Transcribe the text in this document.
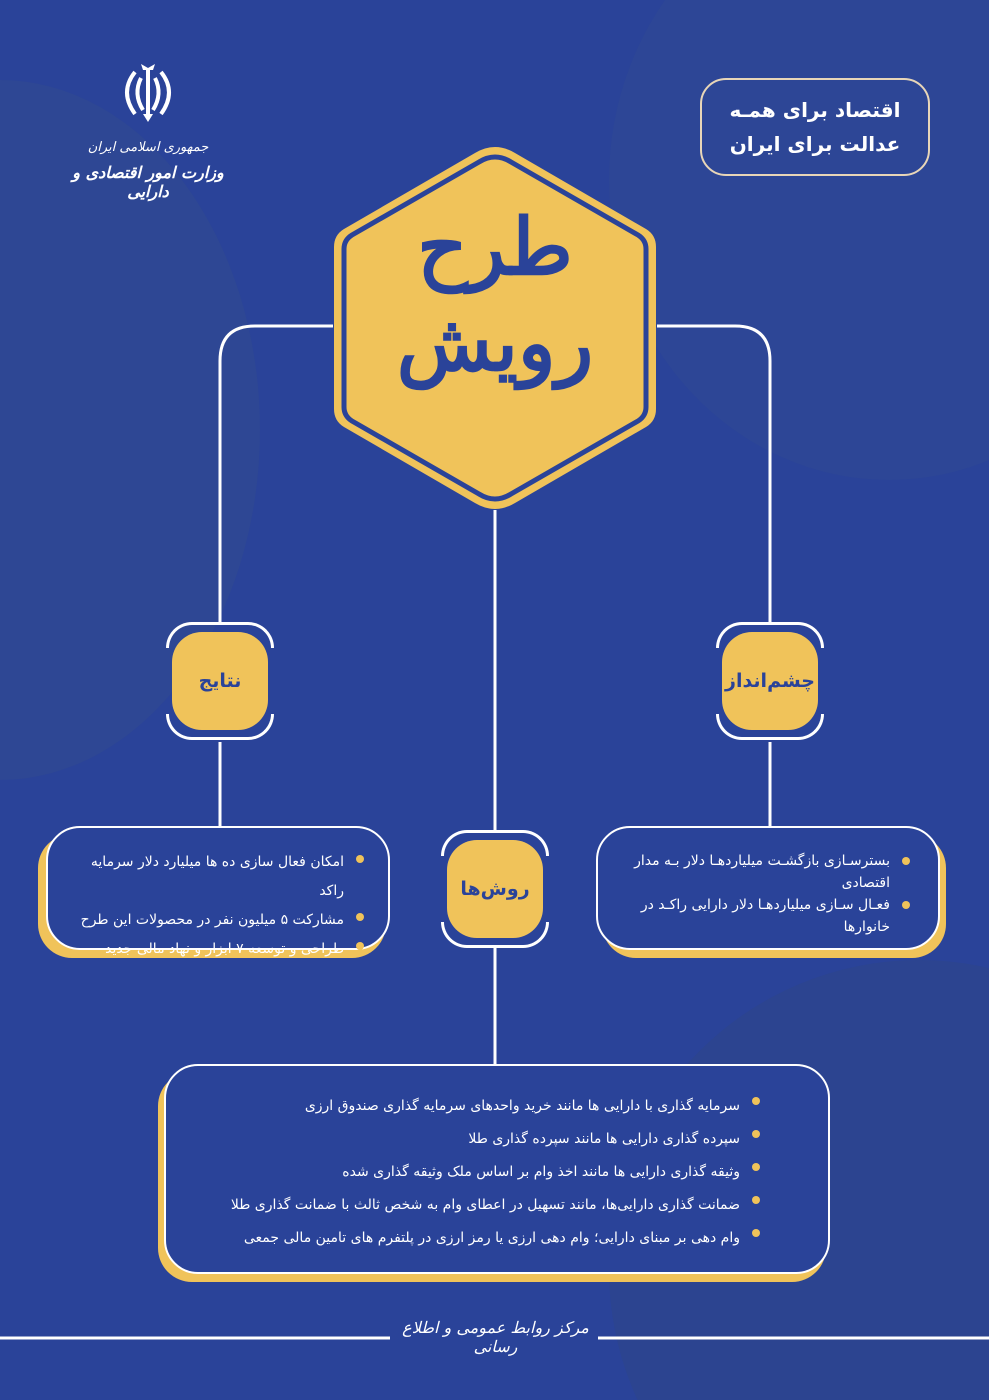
جمهوری اسلامی ایران
وزارت امور اقتصادی و دارایی
اقتصاد برای همـه
عدالت برای ایران
طرح
رویش
نتایج	چشم‌انداز
روش‌ها
امکان فعال سازی ده ها میلیارد دلار سرمایه راکد
مشارکت ۵ میلیون نفر در محصولات این طرح
طراحی و توسعه ۷ ابزار و نهاد مالی جدید
بسترسـازی بازگشـت میلیاردهـا دلار بـه مدار اقتصادی
فعـال سـازی میلیاردهـا دلار دارایی راکـد در خانوارها
سرمایه گذاری با دارایی ها مانند خرید واحدهای سرمایه گذاری صندوق ارزی
سپرده گذاری دارایی ها مانند سپرده گذاری طلا
وثیقه گذاری دارایی ها مانند اخذ وام بر اساس ملک وثیقه گذاری شده
ضمانت گذاری دارایی‌ها، مانند تسهیل در اعطای وام به شخص ثالث با ضمانت گذاری طلا
وام دهی بر مبنای دارایی؛ وام دهی ارزی یا رمز ارزی در پلتفرم های تامین مالی جمعی
مرکز روابط عمومی و اطلاع رسانی
